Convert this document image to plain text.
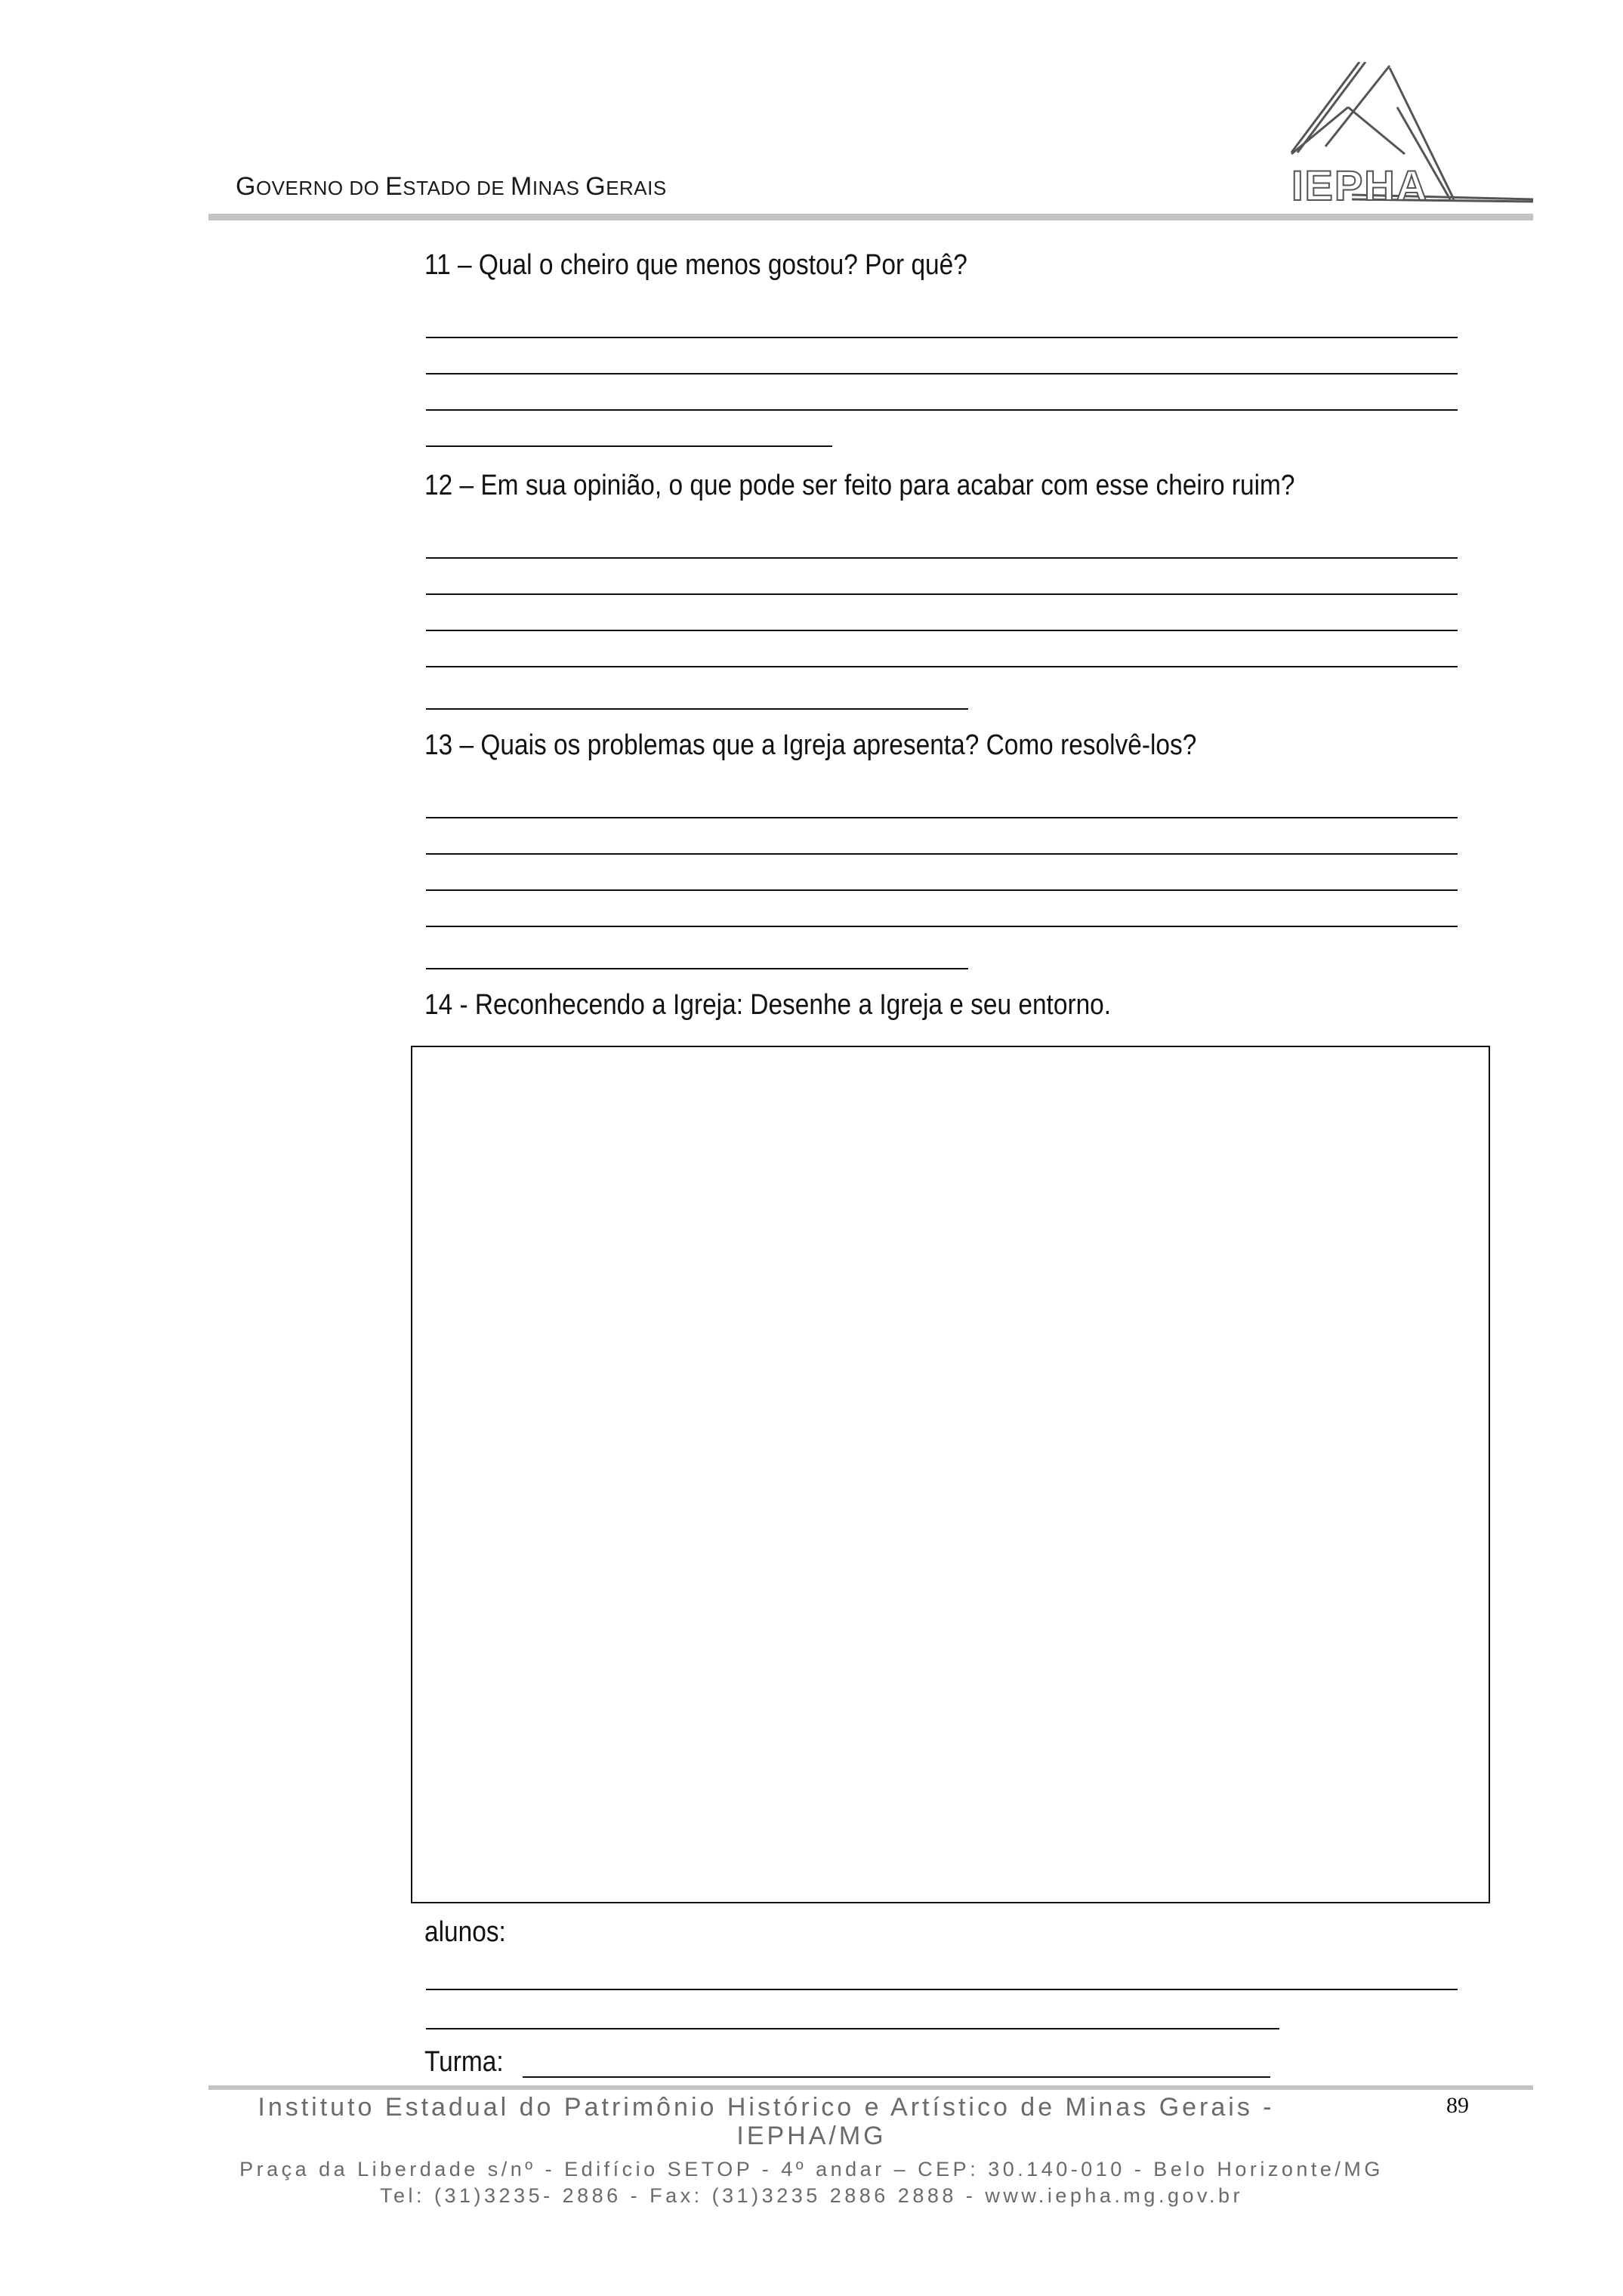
GOVERNO DO ESTADO DE MINAS GERAIS	IEPHA
11 – Qual o cheiro que menos gostou? Por quê?
12 – Em sua opinião, o que pode ser feito para acabar com esse cheiro ruim?
13 – Quais os problemas que a Igreja apresenta? Como resolvê-los?
14 - Reconhecendo a Igreja: Desenhe a Igreja e seu entorno.
alunos:
Turma:
Instituto Estadual do Patrimônio Histórico e Artístico de Minas Gerais -
IEPHA/MG
Praça da Liberdade s/nº - Edifício SETOP - 4º andar – CEP: 30.140-010 - Belo Horizonte/MG
Tel: (31)3235- 2886 - Fax: (31)3235 2886 2888 - www.iepha.mg.gov.br
89
